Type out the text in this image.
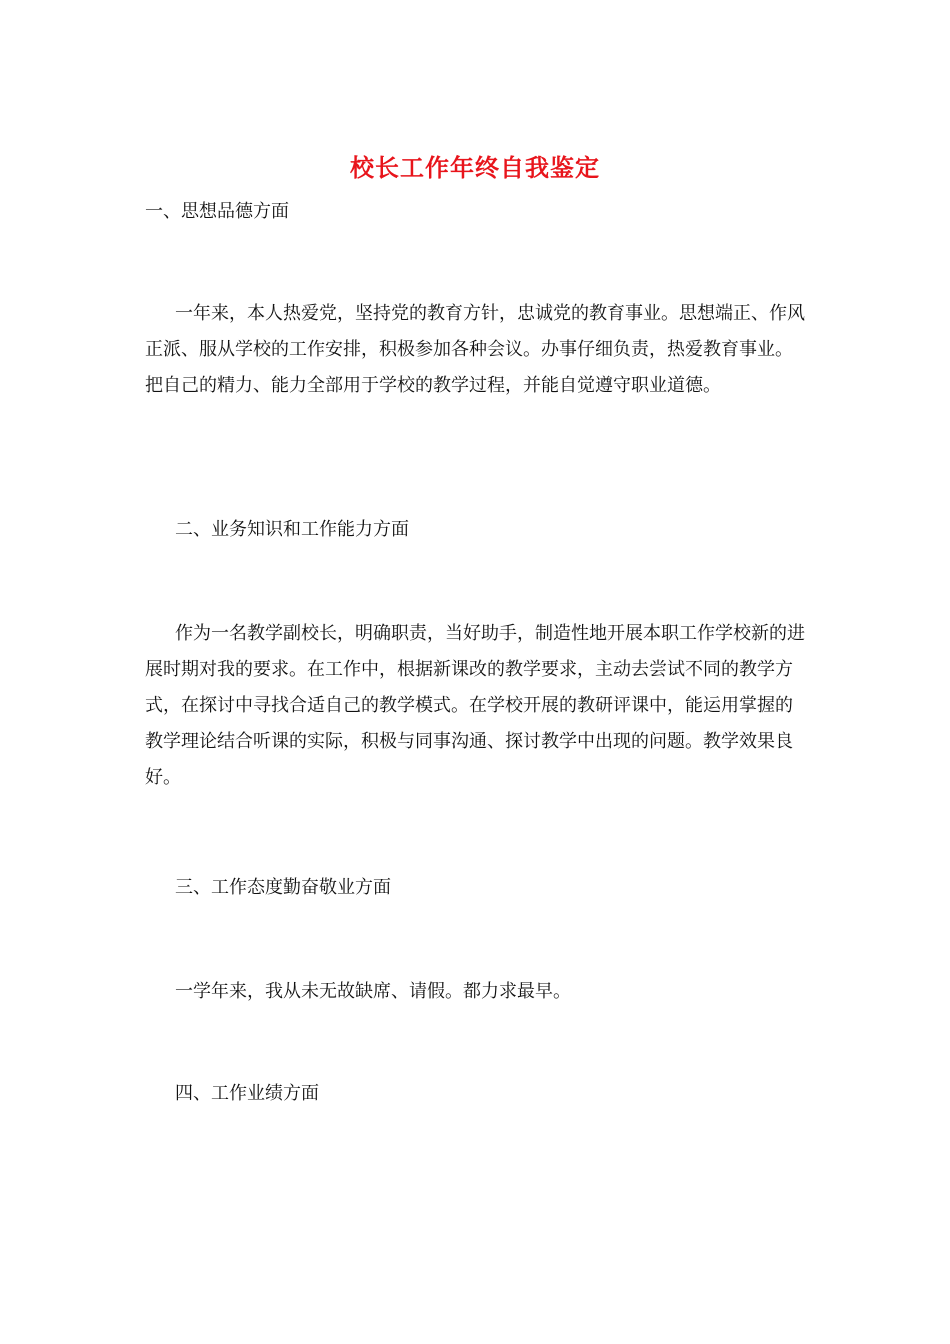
校长工作年终自我鉴定

一、思想品德方面

一年来，本人热爱党，坚持党的教育方针，忠诚党的教育事业。思想端正、作风正派、服从学校的工作安排，积极参加各种会议。办事仔细负责，热爱教育事业。把自己的精力、能力全部用于学校的教学过程，并能自觉遵守职业道德。

二、业务知识和工作能力方面

作为一名教学副校长，明确职责，当好助手，制造性地开展本职工作学校新的进展时期对我的要求。在工作中，根据新课改的教学要求，主动去尝试不同的教学方式，在探讨中寻找合适自己的教学模式。在学校开展的教研评课中，能运用掌握的教学理论结合听课的实际，积极与同事沟通、探讨教学中出现的问题。教学效果良好。

三、工作态度勤奋敬业方面

一学年来，我从未无故缺席、请假。都力求最早。

四、工作业绩方面
